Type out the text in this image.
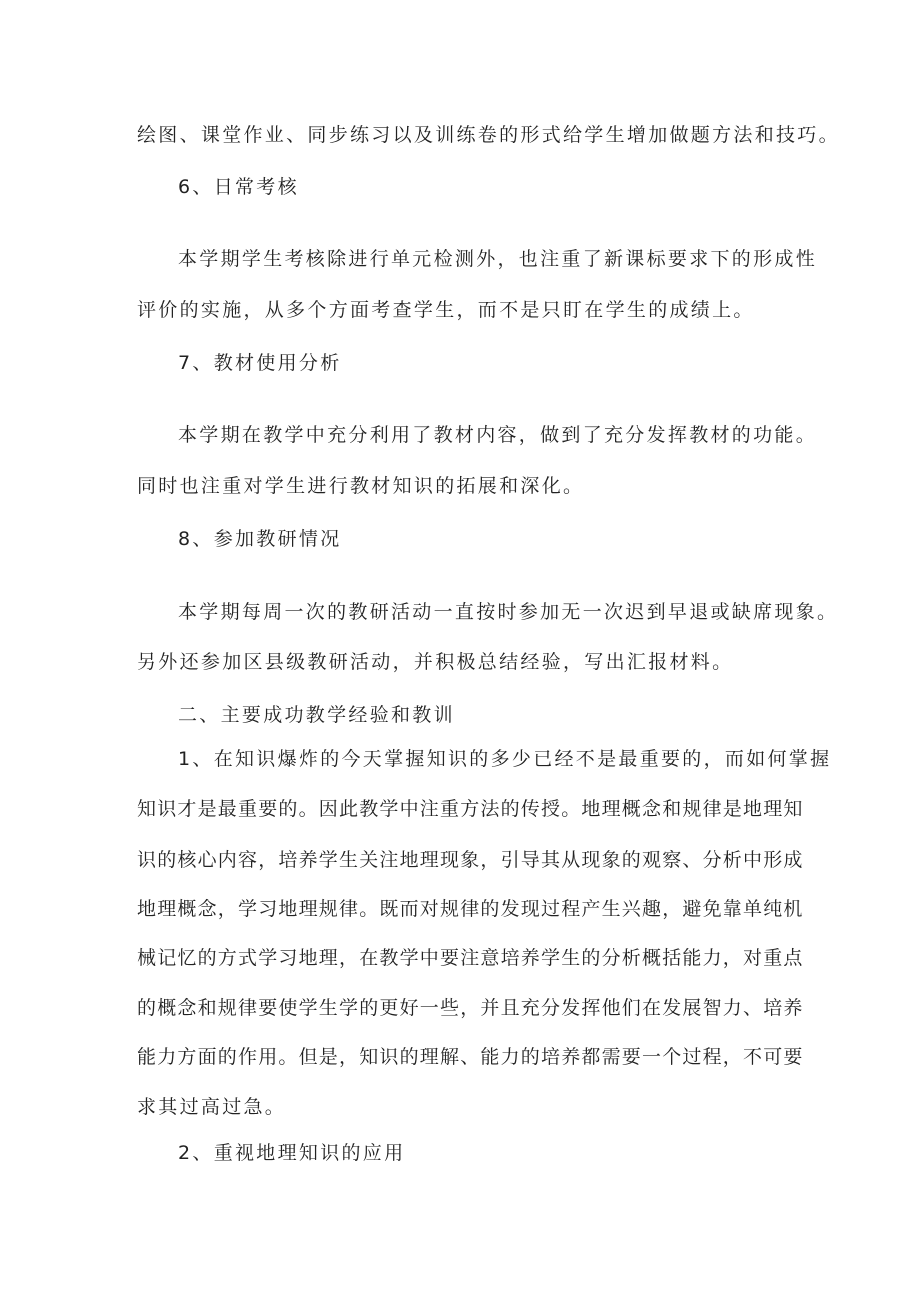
绘图、课堂作业、同步练习以及训练卷的形式给学生增加做题方法和技巧。
6、日常考核
本学期学生考核除进行单元检测外，也注重了新课标要求下的形成性
评价的实施，从多个方面考查学生，而不是只盯在学生的成绩上。
7、教材使用分析
本学期在教学中充分利用了教材内容，做到了充分发挥教材的功能。
同时也注重对学生进行教材知识的拓展和深化。
8、参加教研情况
本学期每周一次的教研活动一直按时参加无一次迟到早退或缺席现象。
另外还参加区县级教研活动，并积极总结经验，写出汇报材料。
二、主要成功教学经验和教训
1、在知识爆炸的今天掌握知识的多少已经不是最重要的，而如何掌握
知识才是最重要的。因此教学中注重方法的传授。地理概念和规律是地理知
识的核心内容，培养学生关注地理现象，引导其从现象的观察、分析中形成
地理概念，学习地理规律。既而对规律的发现过程产生兴趣，避免靠单纯机
械记忆的方式学习地理，在教学中要注意培养学生的分析概括能力，对重点
的概念和规律要使学生学的更好一些，并且充分发挥他们在发展智力、培养
能力方面的作用。但是，知识的理解、能力的培养都需要一个过程，不可要
求其过高过急。
2、重视地理知识的应用
